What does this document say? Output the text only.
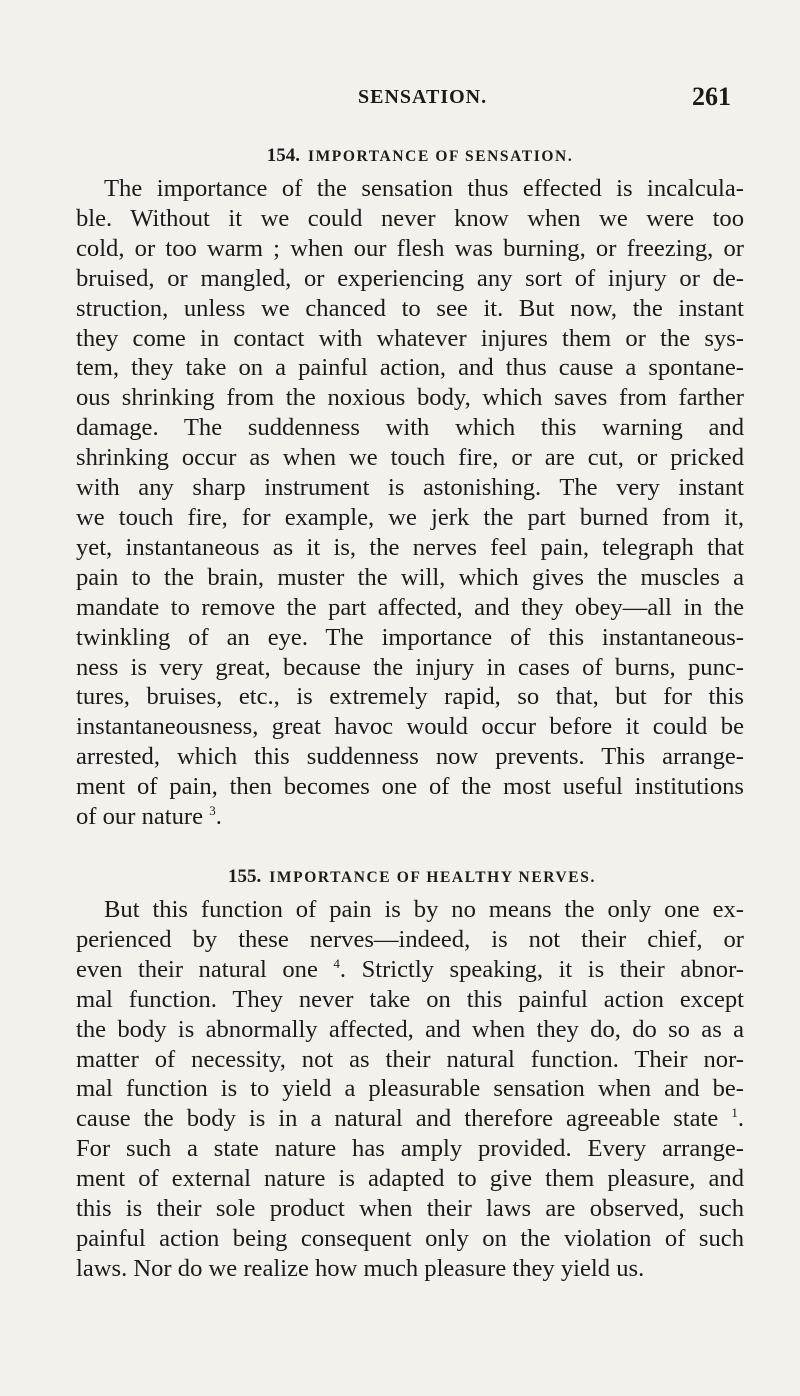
SENSATION.	261
154. IMPORTANCE OF SENSATION.
The importance of the sensation thus effected is incalcula-
ble. Without it we could never know when we were too
cold, or too warm ; when our flesh was burning, or freezing, or
bruised, or mangled, or experiencing any sort of injury or de-
struction, unless we chanced to see it. But now, the instant
they come in contact with whatever injures them or the sys-
tem, they take on a painful action, and thus cause a spontane-
ous shrinking from the noxious body, which saves from farther
damage. The suddenness with which this warning and
shrinking occur as when we touch fire, or are cut, or pricked
with any sharp instrument is astonishing. The very instant
we touch fire, for example, we jerk the part burned from it,
yet, instantaneous as it is, the nerves feel pain, telegraph that
pain to the brain, muster the will, which gives the muscles a
mandate to remove the part affected, and they obey—all in the
twinkling of an eye. The importance of this instantaneous-
ness is very great, because the injury in cases of burns, punc-
tures, bruises, etc., is extremely rapid, so that, but for this
instantaneousness, great havoc would occur before it could be
arrested, which this suddenness now prevents. This arrange-
ment of pain, then becomes one of the most useful institutions
of our nature $^3$.
155. IMPORTANCE OF HEALTHY NERVES.
But this function of pain is by no means the only one ex-
perienced by these nerves—indeed, is not their chief, or
even their natural one $^4$. Strictly speaking, it is their abnor-
mal function. They never take on this painful action except
the body is abnormally affected, and when they do, do so as a
matter of necessity, not as their natural function. Their nor-
mal function is to yield a pleasurable sensation when and be-
cause the body is in a natural and therefore agreeable state $^1$.
For such a state nature has amply provided. Every arrange-
ment of external nature is adapted to give them pleasure, and
this is their sole product when their laws are observed, such
painful action being consequent only on the violation of such
laws. Nor do we realize how much pleasure they yield us.
